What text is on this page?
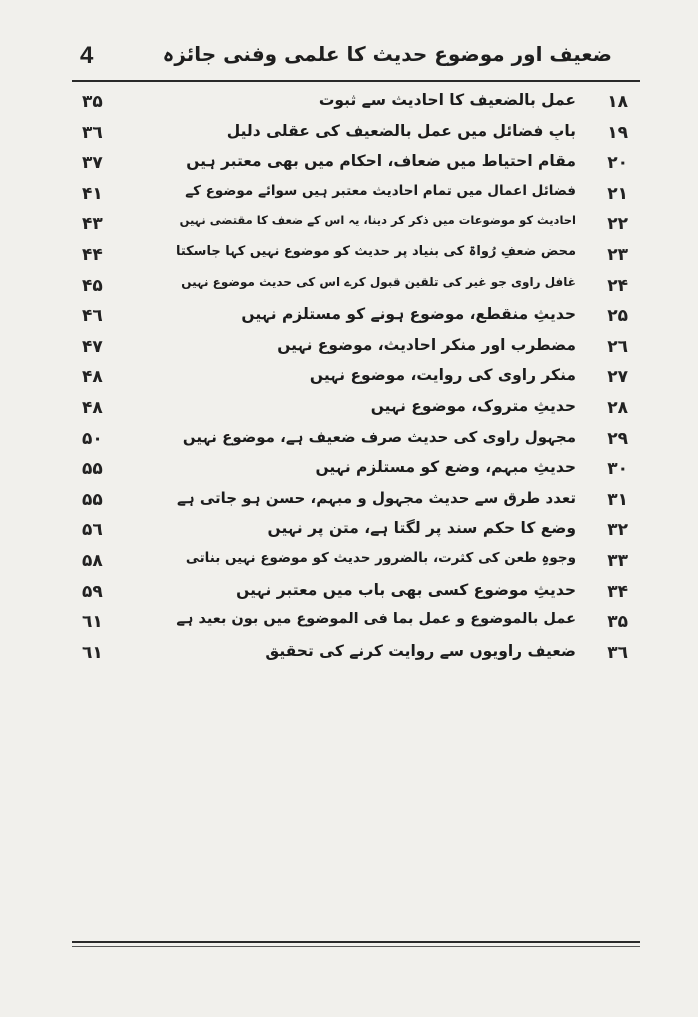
4	ضعیف اور موضوع حدیث کا علمی وفنی جائزہ
۱۸
عمل بالضعیف کا احادیث سے ثبوت
۳۵
۱۹
بابِ فضائل میں عمل بالضعیف کی عقلی دلیل
۳٦
۲۰
مقام احتیاط میں ضعاف، احکام میں بھی معتبر ہیں
۳۷
۲۱
فضائل اعمال میں تمام احادیث معتبر ہیں سوائے موضوع کے
۴۱
۲۲
احادیث کو موضوعات میں ذکر کر دینا، یہ اس کے ضعف کا مقتضی نہیں
۴۳
۲۳
محض ضعفِ رُواۃ کی بنیاد پر حدیث کو موضوع نہیں کہا جاسکتا
۴۴
۲۴
غافل راوی جو غیر کی تلقین قبول کرے اس کی حدیث موضوع نہیں
۴۵
۲۵
حدیثِ منقطع، موضوع ہونے کو مستلزم نہیں
۴٦
۲٦
مضطرب اور منکر احادیث، موضوع نہیں
۴۷
۲۷
منکر راوی کی روایت، موضوع نہیں
۴۸
۲۸
حدیثِ متروک، موضوع نہیں
۴۸
۲۹
مجہول راوی کی حدیث صرف ضعیف ہے، موضوع نہیں
۵۰
۳۰
حدیثِ مبہم، وضع کو مستلزم نہیں
۵۵
۳۱
تعدد طرق سے حدیث مجہول و مبہم، حسن ہو جاتی ہے
۵۵
۳۲
وضع کا حکم سند پر لگتا ہے، متن پر نہیں
۵٦
۳۳
وجوہِ طعن کی کثرت، بالضرور حدیث کو موضوع نہیں بناتی
۵۸
۳۴
حدیثِ موضوع کسی بھی باب میں معتبر نہیں
۵۹
۳۵
عمل بالموضوع و عمل بما فی الموضوع میں بون بعید ہے
٦۱
۳٦
ضعیف راویوں سے روایت کرنے کی تحقیق
٦۱
